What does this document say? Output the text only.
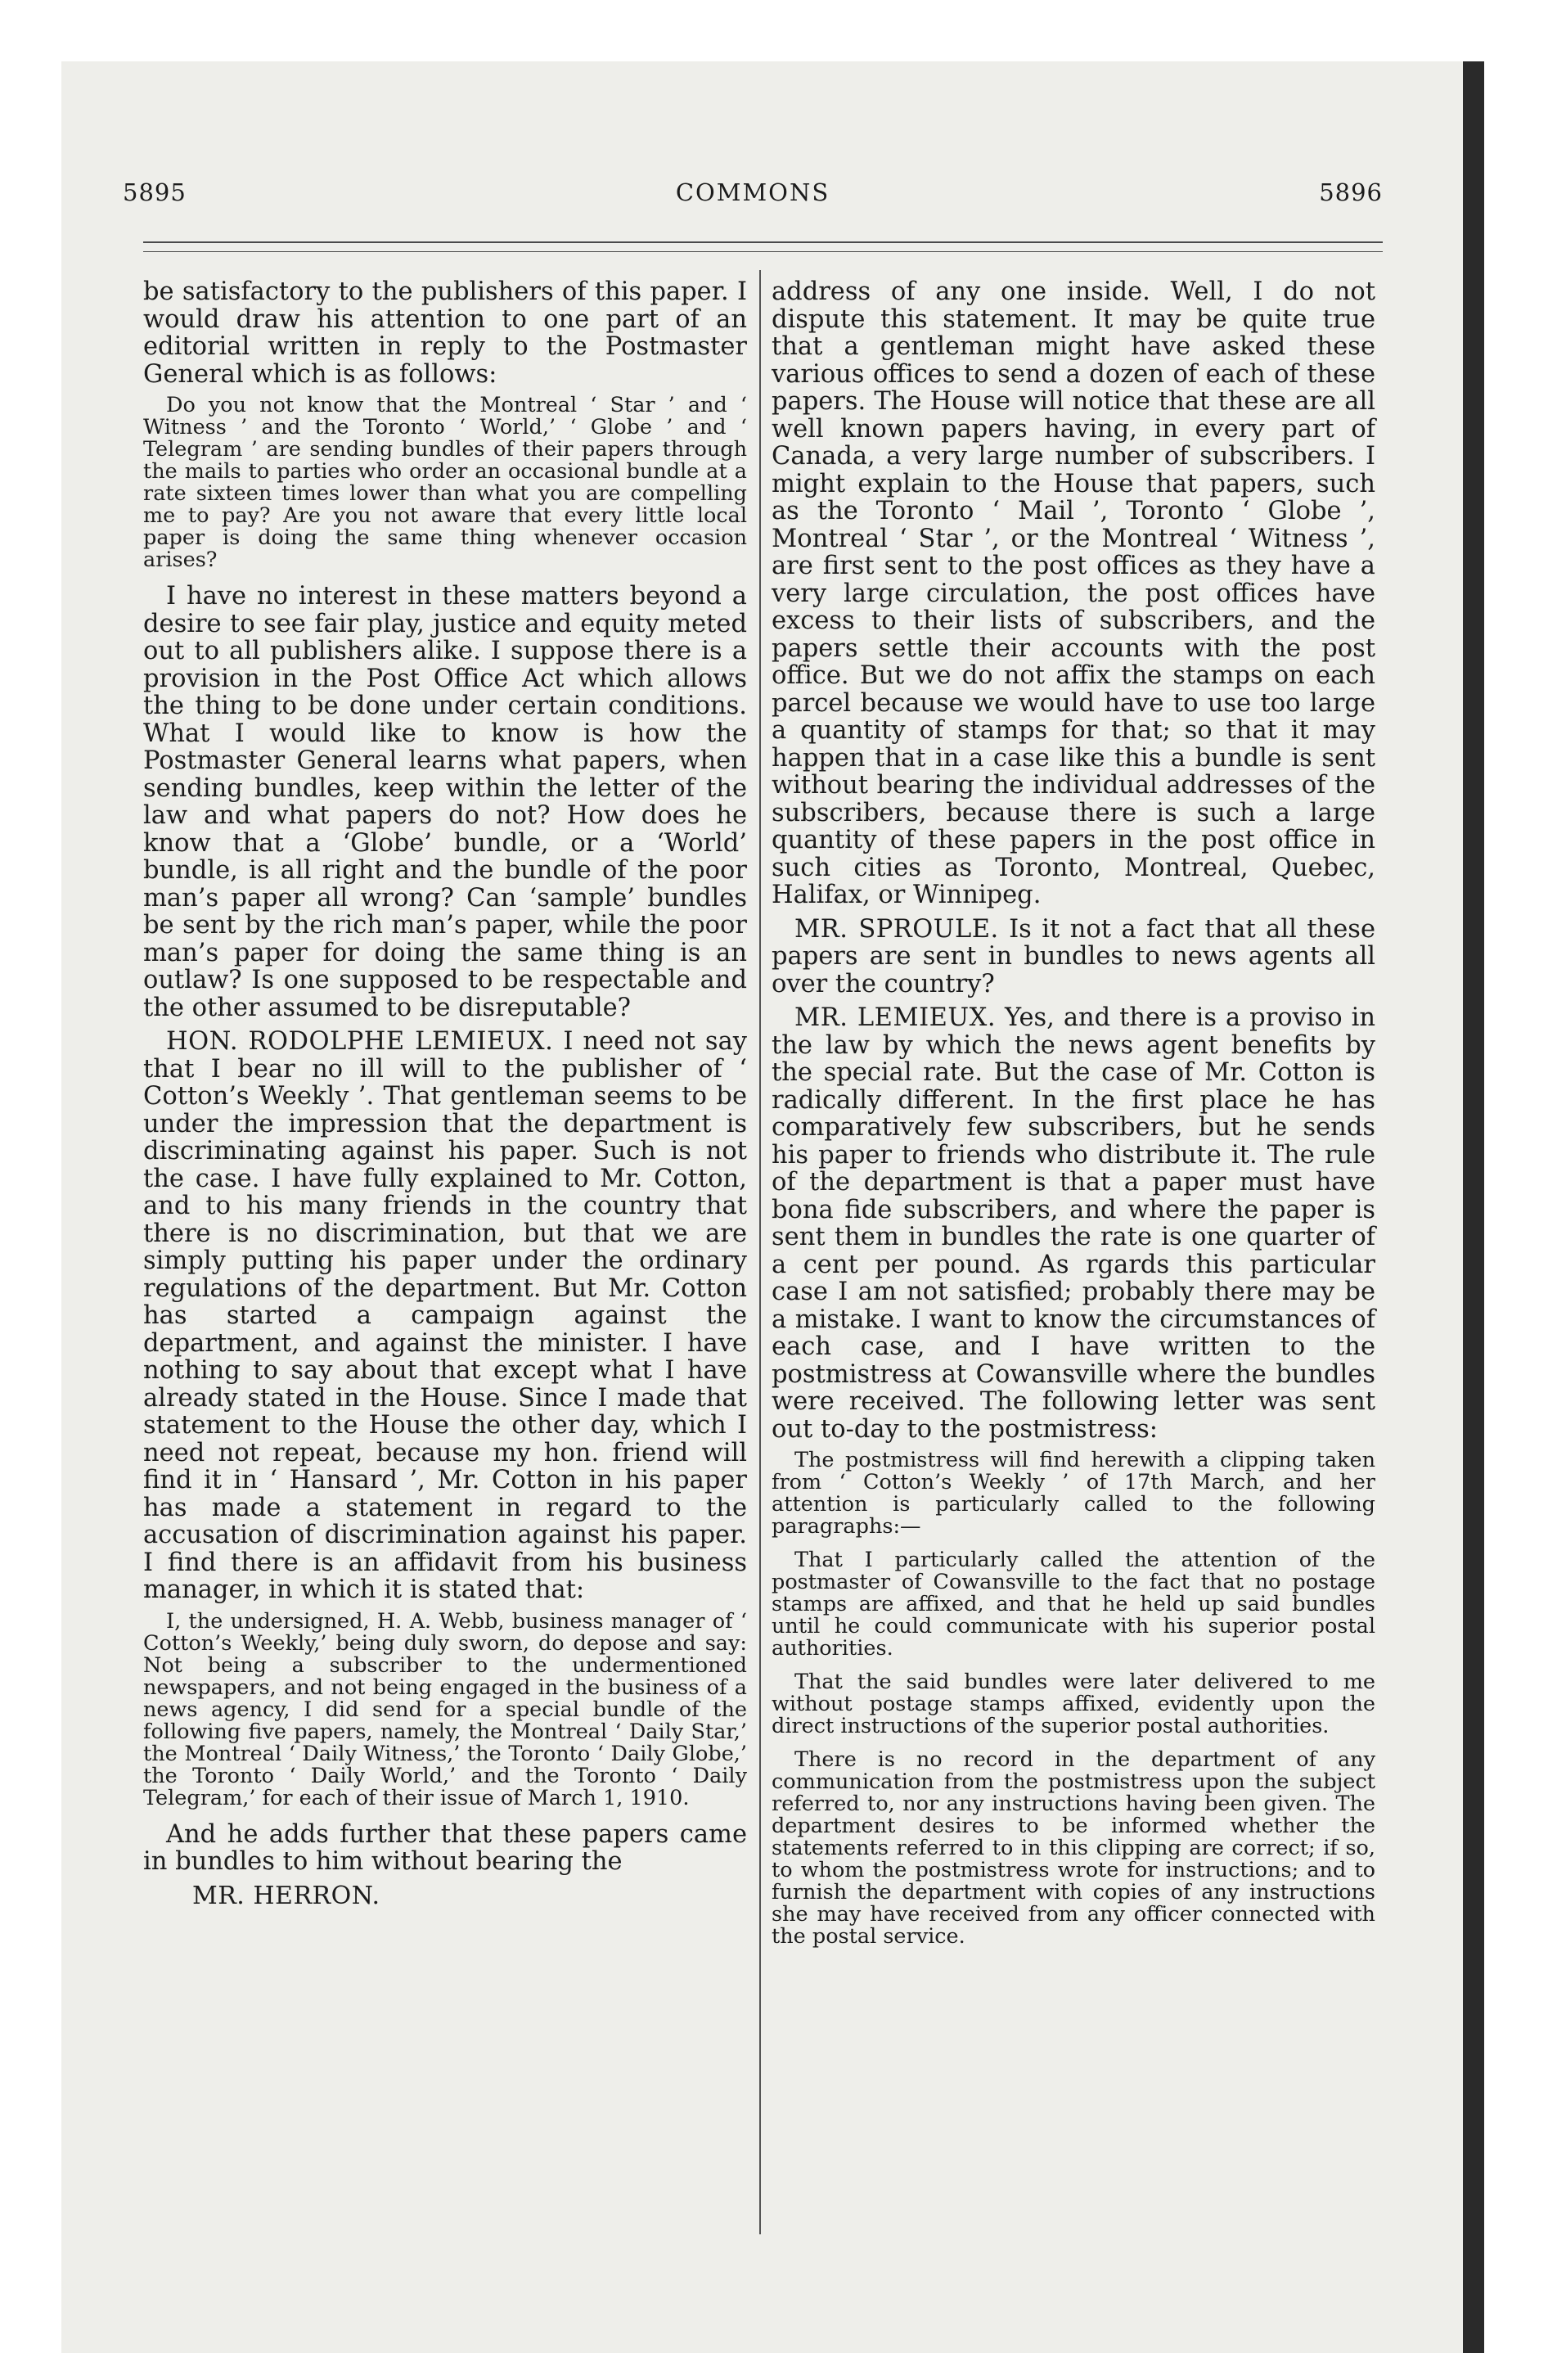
5895	COMMONS	5896

be satisfactory to the publishers of this paper. I would draw his attention to one part of an editorial written in reply to the Postmaster General which is as follows:

Do you not know that the Montreal ‘ Star ’ and ‘ Witness ’ and the Toronto ‘ World,’ ‘ Globe ’ and ‘ Telegram ’ are sending bundles of their papers through the mails to parties who order an occasional bundle at a rate sixteen times lower than what you are compelling me to pay? Are you not aware that every little local paper is doing the same thing whenever occasion arises?

I have no interest in these matters beyond a desire to see fair play, justice and equity meted out to all publishers alike. I suppose there is a provision in the Post Office Act which allows the thing to be done under certain conditions. What I would like to know is how the Postmaster General learns what papers, when sending bundles, keep within the letter of the law and what papers do not? How does he know that a ‘Globe’ bundle, or a ‘World’ bundle, is all right and the bundle of the poor man’s paper all wrong? Can ‘sample’ bundles be sent by the rich man’s paper, while the poor man’s paper for doing the same thing is an outlaw? Is one supposed to be respectable and the other assumed to be disreputable?

HON. RODOLPHE LEMIEUX. I need not say that I bear no ill will to the publisher of ‘ Cotton’s Weekly ’. That gentleman seems to be under the impression that the department is discriminating against his paper. Such is not the case. I have fully explained to Mr. Cotton, and to his many friends in the country that there is no discrimination, but that we are simply putting his paper under the ordinary regulations of the department. But Mr. Cotton has started a campaign against the department, and against the minister. I have nothing to say about that except what I have already stated in the House. Since I made that statement to the House the other day, which I need not repeat, because my hon. friend will find it in ‘ Hansard ’, Mr. Cotton in his paper has made a statement in regard to the accusation of discrimination against his paper. I find there is an affidavit from his business manager, in which it is stated that:

I, the undersigned, H. A. Webb, business manager of ‘ Cotton’s Weekly,’ being duly sworn, do depose and say: Not being a subscriber to the undermentioned newspapers, and not being engaged in the business of a news agency, I did send for a special bundle of the following five papers, namely, the Montreal ‘ Daily Star,’ the Montreal ‘ Daily Witness,’ the Toronto ‘ Daily Globe,’ the Toronto ‘ Daily World,’ and the Toronto ‘ Daily Telegram,’ for each of their issue of March 1, 1910.

And he adds further that these papers came in bundles to him without bearing the

MR. HERRON.

address of any one inside. Well, I do not dispute this statement. It may be quite true that a gentleman might have asked these various offices to send a dozen of each of these papers. The House will notice that these are all well known papers having, in every part of Canada, a very large number of subscribers. I might explain to the House that papers, such as the Toronto ‘ Mail ’, Toronto ‘ Globe ’, Montreal ‘ Star ’, or the Montreal ‘ Witness ’, are first sent to the post offices as they have a very large circulation, the post offices have excess to their lists of subscribers, and the papers settle their accounts with the post office. But we do not affix the stamps on each parcel because we would have to use too large a quantity of stamps for that; so that it may happen that in a case like this a bundle is sent without bearing the individual addresses of the subscribers, because there is such a large quantity of these papers in the post office in such cities as Toronto, Montreal, Quebec, Halifax, or Winnipeg.

MR. SPROULE. Is it not a fact that all these papers are sent in bundles to news agents all over the country?

MR. LEMIEUX. Yes, and there is a proviso in the law by which the news agent benefits by the special rate. But the case of Mr. Cotton is radically different. In the first place he has comparatively few subscribers, but he sends his paper to friends who distribute it. The rule of the department is that a paper must have bona fide subscribers, and where the paper is sent them in bundles the rate is one quarter of a cent per pound. As rgards this particular case I am not satisfied; probably there may be a mistake. I want to know the circumstances of each case, and I have written to the postmistress at Cowansville where the bundles were received. The following letter was sent out to-day to the postmistress:

The postmistress will find herewith a clipping taken from ‘ Cotton’s Weekly ’ of 17th March, and her attention is particularly called to the following paragraphs:—

That I particularly called the attention of the postmaster of Cowansville to the fact that no postage stamps are affixed, and that he held up said bundles until he could communicate with his superior postal authorities.

That the said bundles were later delivered to me without postage stamps affixed, evidently upon the direct instructions of the superior postal authorities.

There is no record in the department of any communication from the postmistress upon the subject referred to, nor any instructions having been given. The department desires to be informed whether the statements referred to in this clipping are correct; if so, to whom the postmistress wrote for instructions; and to furnish the department with copies of any instructions she may have received from any officer connected with the postal service.
